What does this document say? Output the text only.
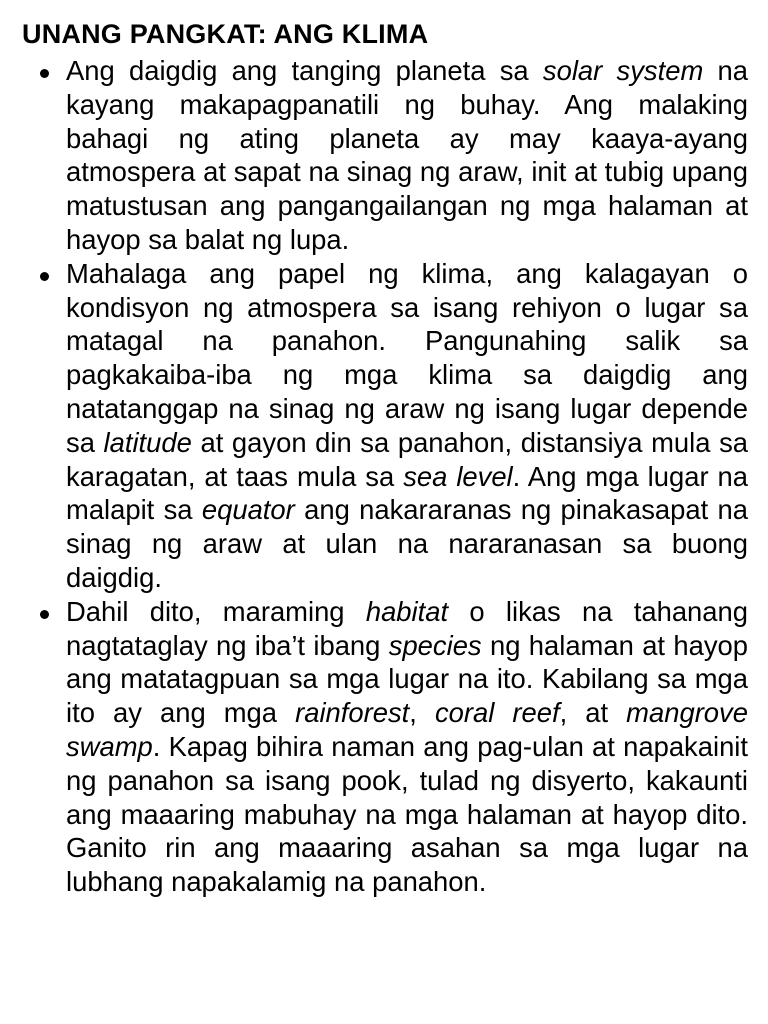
UNANG PANGKAT: ANG KLIMA

Ang daigdig ang tanging planeta sa solar system na kayang makapagpanatili ng buhay. Ang malaking bahagi ng ating planeta ay may kaaya-ayang atmospera at sapat na sinag ng araw, init at tubig upang matustusan ang pangangailangan ng mga halaman at hayop sa balat ng lupa.

Mahalaga ang papel ng klima, ang kalagayan o kondisyon ng atmospera sa isang rehiyon o lugar sa matagal na panahon. Pangunahing salik sa pagkakaiba-iba ng mga klima sa daigdig ang natatanggap na sinag ng araw ng isang lugar depende sa latitude at gayon din sa panahon, distansiya mula sa karagatan, at taas mula sa sea level. Ang mga lugar na malapit sa equator ang nakararanas ng pinakasapat na sinag ng araw at ulan na nararanasan sa buong daigdig.

Dahil dito, maraming habitat o likas na tahanang nagtataglay ng iba’t ibang species ng halaman at hayop ang matatagpuan sa mga lugar na ito. Kabilang sa mga ito ay ang mga rainforest, coral reef, at mangrove swamp. Kapag bihira naman ang pag-ulan at napakainit ng panahon sa isang pook, tulad ng disyerto, kakaunti ang maaaring mabuhay na mga halaman at hayop dito. Ganito rin ang maaaring asahan sa mga lugar na lubhang napakalamig na panahon.
